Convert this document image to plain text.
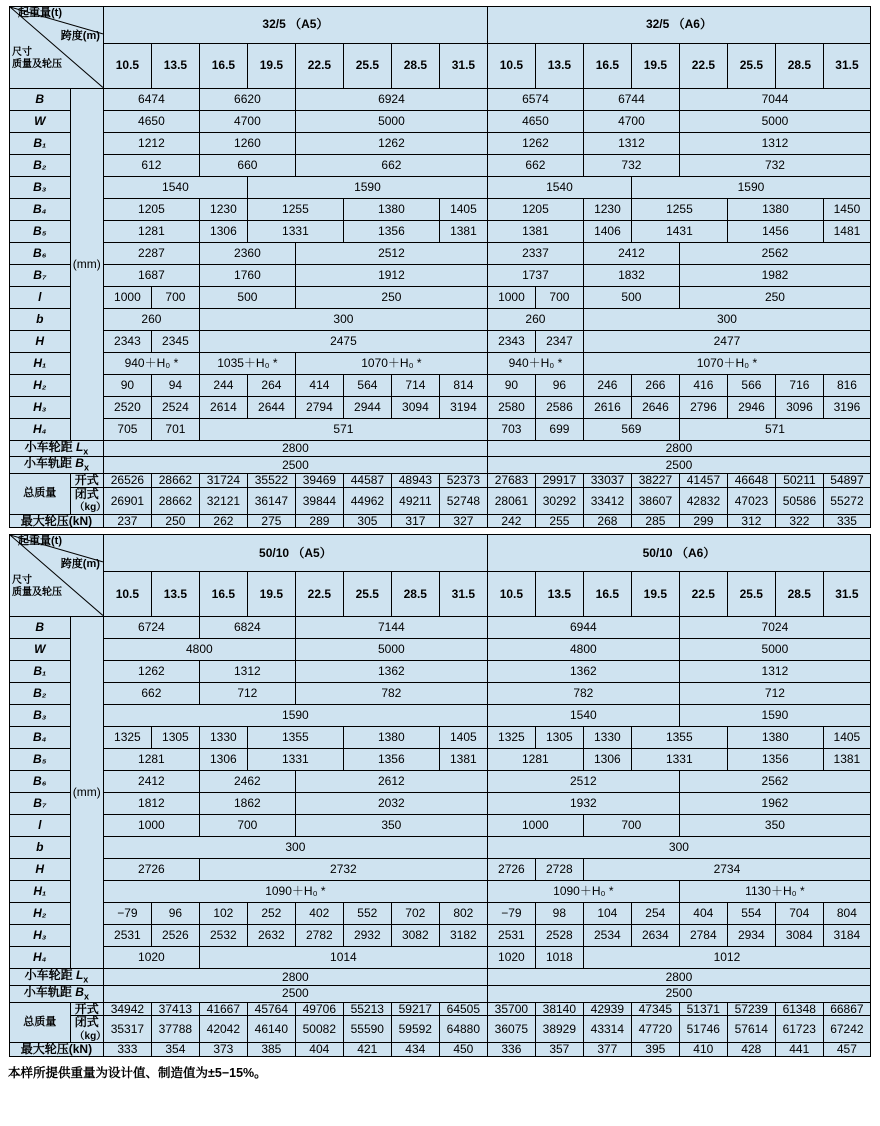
起重量(t)
跨度(m)
尺寸
质量及轮压		32/5 （A5）								32/5 （A6）							
		10.5	13.5	16.5	19.5	22.5	25.5	28.5	31.5	10.5	13.5	16.5	19.5	22.5	25.5	28.5	31.5
B	(mm)	6474		6620		6924				6574		6744		7044			
W		4650		4700		5000				4650		4700		5000			
B₁		1212		1260		1262				1262		1312		1312			
B₂		612		660		662				662		732		732			
B₃		1540			1590					1540			1590				
B₄		1205		1230	1255		1380		1405	1205		1230	1255		1380		1450
B₅		1281		1306	1331		1356		1381	1381		1406	1431		1456		1481
B₆		2287		2360		2512				2337		2412		2562			
B₇		1687		1760		1912				1737		1832		1982			
l		1000	700	500		250				1000	700	500		250			
b		260		300						260		300					
H		2343	2345	2475						2343	2347	2477					
H₁		940＋H₀ *		1035＋H₀ *		1070＋H₀ *				940＋H₀ *		1070＋H₀ *					
H₂		90	94	244	264	414	564	714	814	90	96	246	266	416	566	716	816
H₃		2520	2524	2614	2644	2794	2944	3094	3194	2580	2586	2616	2646	2796	2946	3096	3196
H₄		705	701	571						703	699	569		571			
小车轮距 $L_x$		2800								2800							
小车轨距 $B_x$		2500								2500							
总质量	开式	26526	28662	31724	35522	39469	44587	48943	52373	27683	29917	33037	38227	41457	46648	50211	54897
	闭式（kg）	26901	28662	32121	36147	39844	44962	49211	52748	28061	30292	33412	38607	42832	47023	50586	55272
最大轮压(kN)		237	250	262	275	289	305	317	327	242	255	268	285	299	312	322	335
起重量(t)
跨度(m)
尺寸
质量及轮压		50/10 （A5）								50/10 （A6）							
		10.5	13.5	16.5	19.5	22.5	25.5	28.5	31.5	10.5	13.5	16.5	19.5	22.5	25.5	28.5	31.5
B	(mm)	6724		6824		7144				6944				7024			
W		4800				5000				4800				5000			
B₁		1262		1312		1362				1362				1312			
B₂		662		712		782				782				712			
B₃		1590								1540				1590			
B₄		1325	1305	1330	1355		1380		1405	1325	1305	1330	1355		1380		1405
B₅		1281		1306	1331		1356		1381	1281		1306	1331		1356		1381
B₆		2412		2462		2612				2512				2562			
B₇		1812		1862		2032				1932				1962			
l		1000		700		350				1000		700		350			
b		300								300							
H		2726		2732						2726	2728	2734					
H₁		1090＋H₀ *								1090＋H₀ *				1130＋H₀ *			
H₂		−79	96	102	252	402	552	702	802	−79	98	104	254	404	554	704	804
H₃		2531	2526	2532	2632	2782	2932	3082	3182	2531	2528	2534	2634	2784	2934	3084	3184
H₄		1020		1014						1020	1018	1012					
小车轮距 $L_x$		2800								2800							
小车轨距 $B_x$		2500								2500							
总质量	开式	34942	37413	41667	45764	49706	55213	59217	64505	35700	38140	42939	47345	51371	57239	61348	66867
	闭式（kg）	35317	37788	42042	46140	50082	55590	59592	64880	36075	38929	43314	47720	51746	57614	61723	67242
最大轮压(kN)		333	354	373	385	404	421	434	450	336	357	377	395	410	428	441	457
本样所提供重量为设计值、制造值为±5−15%。
